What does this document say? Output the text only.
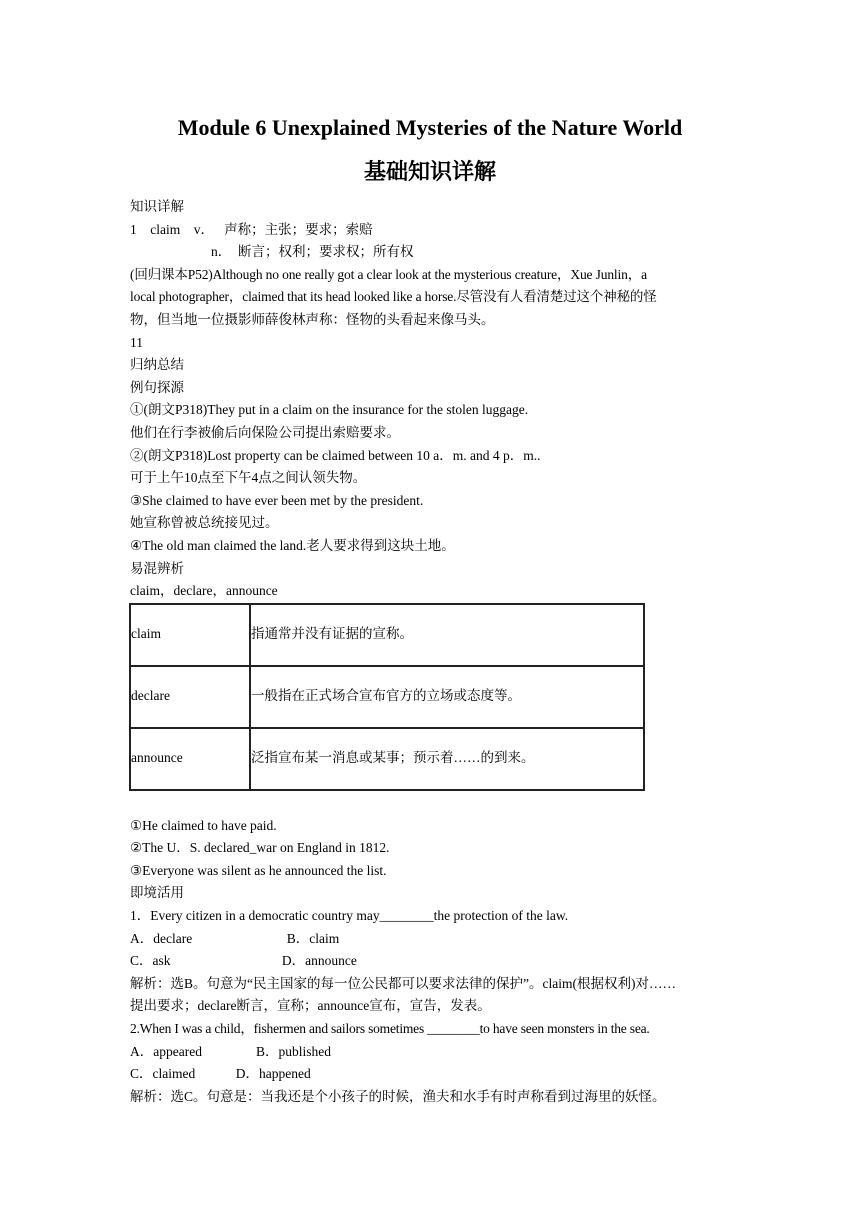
Module 6 Unexplained Mysteries of the Nature World
基础知识详解

知识详解

1　claim　v．　 声称；主张；要求；索赔

　　　　　　n．　断言；权利；要求权；所有权

(回归课本P52)Although no one really got a clear look at the mysterious creature，Xue Junlin，a

local photographer，claimed that its head looked like a horse.尽管没有人看清楚过这个神秘的怪

物，但当地一位摄影师薛俊林声称：怪物的头看起来像马头。

11

归纳总结

例句探源

①(朗文P318)They put in a claim on the insurance for the stolen luggage.

他们在行李被偷后向保险公司提出索赔要求。

②(朗文P318)Lost property can be claimed between 10 a．m. and 4 p．m..

可于上午10点至下午4点之间认领失物。

③She claimed to have ever been met by the president.

她宣称曾被总统接见过。

④The old man claimed the land.老人要求得到这块土地。

易混辨析

claim，declare，announce

claim	指通常并没有证据的宣称。
declare	一般指在正式场合宣布官方的立场或态度等。
announce	泛指宣布某一消息或某事；预示着……的到来。

①He claimed to have paid.

②The U．S. declared_war on England in 1812.

③Everyone was silent as he announced the list.

即境活用

1．Every citizen in a democratic country may________the protection of the law.

A．declare　　　　　　　B．claim

C．ask　　　　　　　　 D．announce

解析：选B。句意为“民主国家的每一位公民都可以要求法律的保护”。claim(根据权利)对……

提出要求；declare断言，宣称；announce宣布，宣告，发表。

2.When I was a child，fishermen and sailors sometimes ________to have seen monsters in the sea.

A．appeared　　　　B．published

C．claimed　　　D．happened

解析：选C。句意是：当我还是个小孩子的时候，渔夫和水手有时声称看到过海里的妖怪。
